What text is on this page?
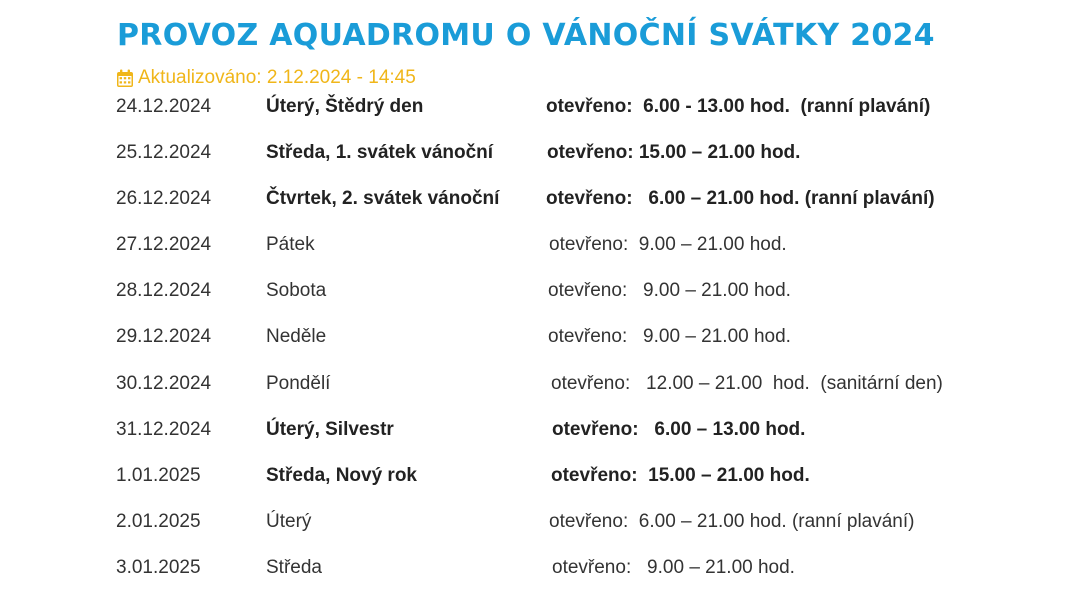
PROVOZ AQUADROMU O VÁNOČNÍ SVÁTKY 2024
Aktualizováno: 2.12.2024 - 14:45
24.12.2024	Úterý, Štědrý den	otevřeno:  6.00 - 13.00 hod.  (ranní plavání)
25.12.2024	Středa, 1. svátek vánoční	otevřeno: 15.00 – 21.00 hod.
26.12.2024	Čtvrtek, 2. svátek vánoční otevřeno:   6.00 – 21.00 hod. (ranní plavání)
27.12.2024	Pátek	otevřeno:  9.00 – 21.00 hod.
28.12.2024	Sobota	otevřeno:   9.00 – 21.00 hod.
29.12.2024	Neděle	otevřeno:   9.00 – 21.00 hod.
30.12.2024	Pondělí	otevřeno:   12.00 – 21.00  hod.  (sanitární den)
31.12.2024	Úterý, Silvestr	otevřeno:   6.00 – 13.00 hod.
1.01.2025	Středa, Nový rok	otevřeno:  15.00 – 21.00 hod.
2.01.2025	Úterý	otevřeno:  6.00 – 21.00 hod. (ranní plavání)
3.01.2025	Středa	otevřeno:   9.00 – 21.00 hod.
